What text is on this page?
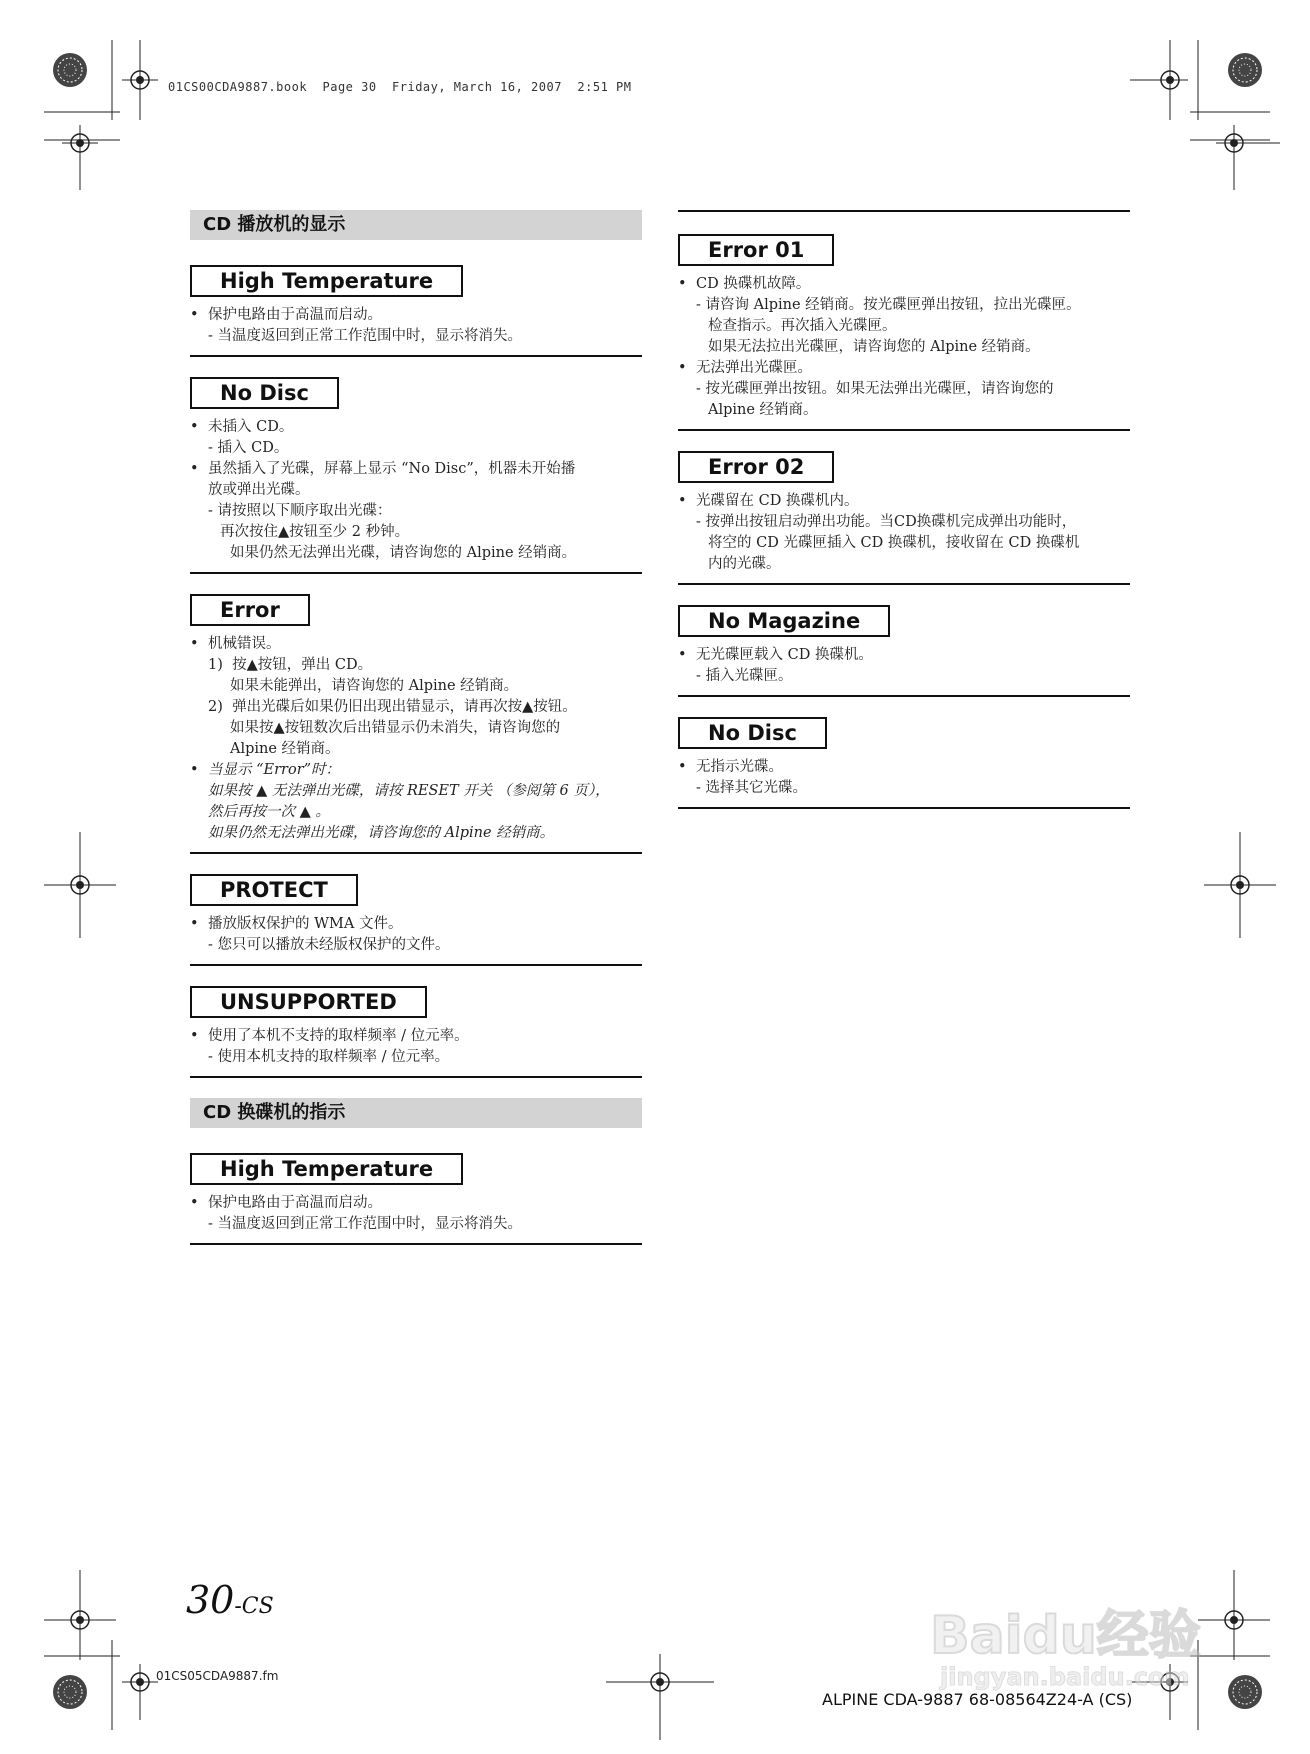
01CS00CDA9887.book  Page 30  Friday, March 16, 2007  2:51 PM
CD 播放机的显示
High Temperature
• 保护电路由于高温而启动。
- 当温度返回到正常工作范围中时，显示将消失。
No Disc
• 未插入 CD。
- 插入 CD。
• 虽然插入了光碟，屏幕上显示 “No Disc”，机器未开始播
放或弹出光碟。
- 请按照以下顺序取出光碟：
再次按住▲按钮至少 2 秒钟。
如果仍然无法弹出光碟，请咨询您的 Alpine 经销商。
Error
• 机械错误。
1)  按▲按钮，弹出 CD。
如果未能弹出，请咨询您的 Alpine 经销商。
2)  弹出光碟后如果仍旧出现出错显示，请再次按▲按钮。
如果按▲按钮数次后出错显示仍未消失，请咨询您的
Alpine 经销商。
• 当显示 “Error”时：
如果按 ▲ 无法弹出光碟，请按 RESET 开关 （参阅第 6 页），
然后再按一次 ▲ 。
如果仍然无法弹出光碟，请咨询您的 Alpine 经销商。
PROTECT
• 播放版权保护的 WMA 文件。
- 您只可以播放未经版权保护的文件。
UNSUPPORTED
• 使用了本机不支持的取样频率 / 位元率。
- 使用本机支持的取样频率 / 位元率。
CD 换碟机的指示
High Temperature
• 保护电路由于高温而启动。
- 当温度返回到正常工作范围中时，显示将消失。
Error 01
• CD 换碟机故障。
- 请咨询 Alpine 经销商。按光碟匣弹出按钮，拉出光碟匣。
检查指示。再次插入光碟匣。
如果无法拉出光碟匣，请咨询您的 Alpine 经销商。
• 无法弹出光碟匣。
- 按光碟匣弹出按钮。如果无法弹出光碟匣，请咨询您的
Alpine 经销商。
Error 02
• 光碟留在 CD 换碟机内。
- 按弹出按钮启动弹出功能。当CD换碟机完成弹出功能时，
将空的 CD 光碟匣插入 CD 换碟机，接收留在 CD 换碟机
内的光碟。
No Magazine
• 无光碟匣载入 CD 换碟机。
- 插入光碟匣。
No Disc
• 无指示光碟。
- 选择其它光碟。
30-CS
01CS05CDA9887.fm
ALPINE CDA-9887 68-08564Z24-A (CS)
Baidu经验
jingyan.baidu.com
